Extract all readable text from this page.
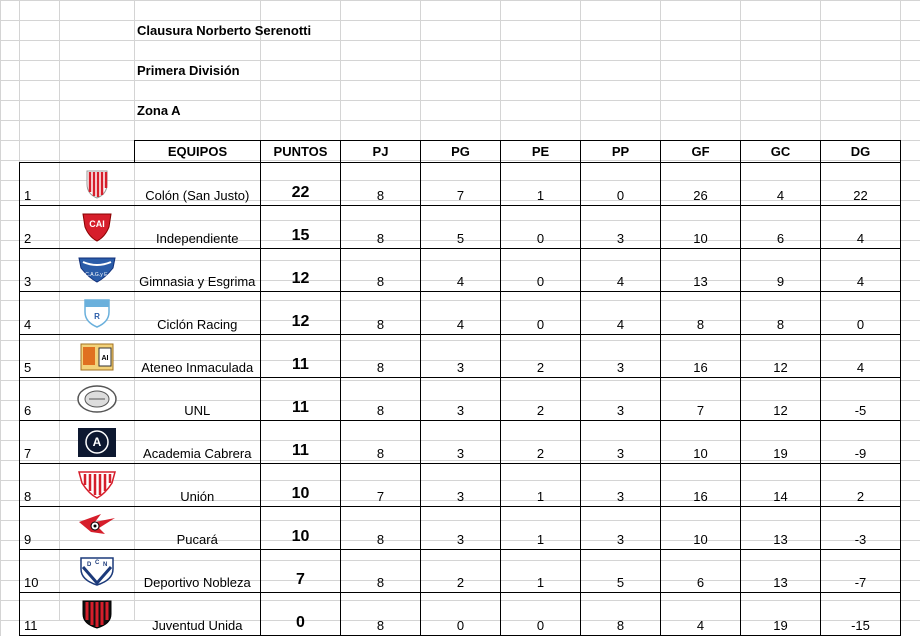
Clausura Norberto Serenotti
Primera División
Zona A
		EQUIPOS	PUNTOS	PJ	PG	PE	PP	GF	GC	DG
1		Colón (San Justo)	22	8	7	1	0	26	4	22
2	CAI	Independiente	15	8	5	0	3	10	6	4
3	C.A.G.y E.	Gimnasia y Esgrima	12	8	4	0	4	13	9	4
4	R	Ciclón Racing	12	8	4	0	4	8	8	0
5	AI	Ateneo Inmaculada	11	8	3	2	3	16	12	4
6		UNL	11	8	3	2	3	7	12	-5
7	A	Academia Cabrera	11	8	3	2	3	10	19	-9
8		Unión	10	7	3	1	3	16	14	2
9		Pucará	10	8	3	1	3	10	13	-3
10	D C N	Deportivo Nobleza	7	8	2	1	5	6	13	-7
11		Juventud Unida	0	8	0	0	8	4	19	-15
